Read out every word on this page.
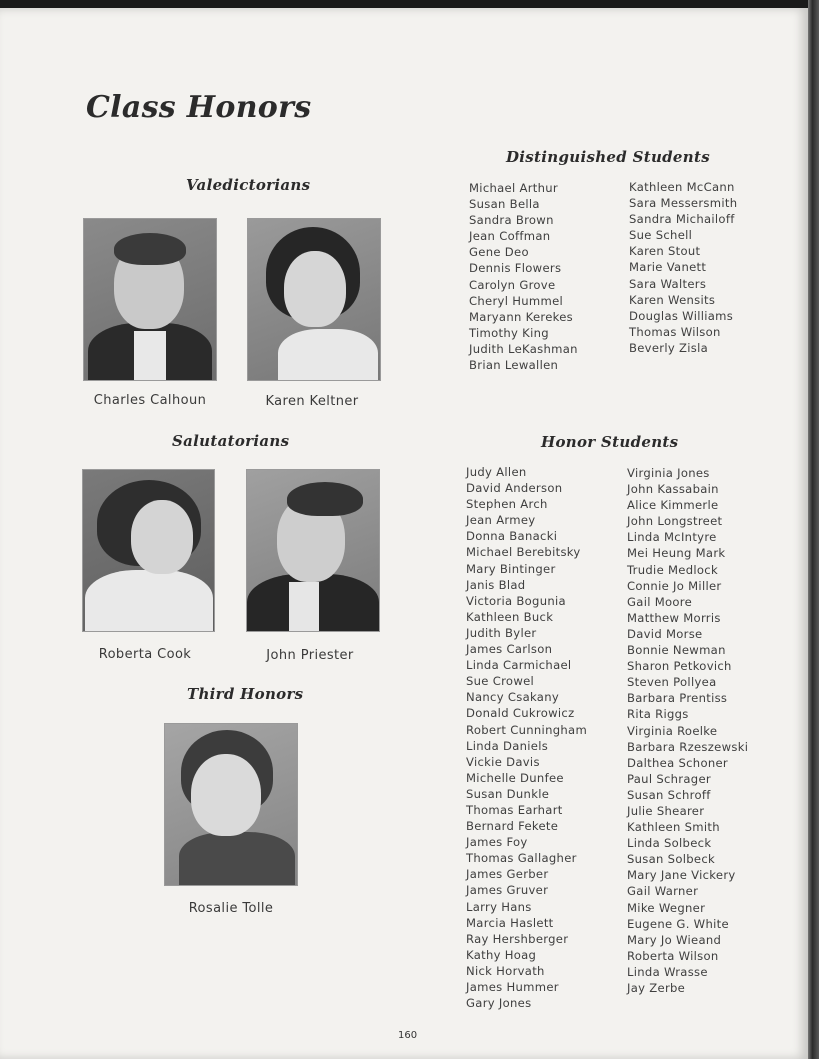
Class Honors
Valedictorians
Charles Calhoun	Karen Keltner
Salutatorians
Roberta Cook	John Priester
Third Honors
Rosalie Tolle
Distinguished Students
Michael Arthur
Susan Bella
Sandra Brown
Jean Coffman
Gene Deo
Dennis Flowers
Carolyn Grove
Cheryl Hummel
Maryann Kerekes
Timothy King
Judith LeKashman
Brian Lewallen
Kathleen McCann
Sara Messersmith
Sandra Michailoff
Sue Schell
Karen Stout
Marie Vanett
Sara Walters
Karen Wensits
Douglas Williams
Thomas Wilson
Beverly Zisla
Honor Students
Judy Allen
David Anderson
Stephen Arch
Jean Armey
Donna Banacki
Michael Berebitsky
Mary Bintinger
Janis Blad
Victoria Bogunia
Kathleen Buck
Judith Byler
James Carlson
Linda Carmichael
Sue Crowel
Nancy Csakany
Donald Cukrowicz
Robert Cunningham
Linda Daniels
Vickie Davis
Michelle Dunfee
Susan Dunkle
Thomas Earhart
Bernard Fekete
James Foy
Thomas Gallagher
James Gerber
James Gruver
Larry Hans
Marcia Haslett
Ray Hershberger
Kathy Hoag
Nick Horvath
James Hummer
Gary Jones
Virginia Jones
John Kassabain
Alice Kimmerle
John Longstreet
Linda McIntyre
Mei Heung Mark
Trudie Medlock
Connie Jo Miller
Gail Moore
Matthew Morris
David Morse
Bonnie Newman
Sharon Petkovich
Steven Pollyea
Barbara Prentiss
Rita Riggs
Virginia Roelke
Barbara Rzeszewski
Dalthea Schoner
Paul Schrager
Susan Schroff
Julie Shearer
Kathleen Smith
Linda Solbeck
Susan Solbeck
Mary Jane Vickery
Gail Warner
Mike Wegner
Eugene G. White
Mary Jo Wieand
Roberta Wilson
Linda Wrasse
Jay Zerbe
160
